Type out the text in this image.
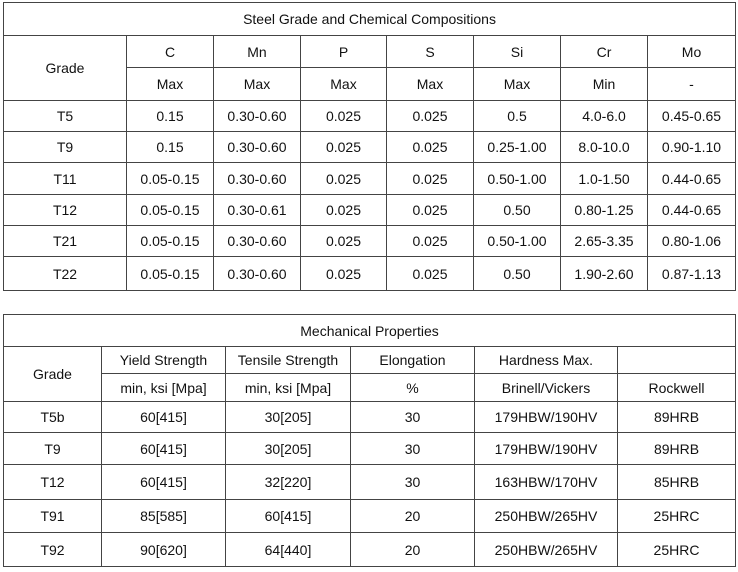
Steel Grade and Chemical Compositions							
Grade	C	Mn	P	S	Si	Cr	Mo
	Max	Max	Max	Max	Max	Min	-
T5	0.15	0.30-0.60	0.025	0.025	0.5	4.0-6.0	0.45-0.65
T9	0.15	0.30-0.60	0.025	0.025	0.25-1.00	8.0-10.0	0.90-1.10
T11	0.05-0.15	0.30-0.60	0.025	0.025	0.50-1.00	1.0-1.50	0.44-0.65
T12	0.05-0.15	0.30-0.61	0.025	0.025	0.50	0.80-1.25	0.44-0.65
T21	0.05-0.15	0.30-0.60	0.025	0.025	0.50-1.00	2.65-3.35	0.80-1.06
T22	0.05-0.15	0.30-0.60	0.025	0.025	0.50	1.90-2.60	0.87-1.13
Mechanical Properties					
Grade	Yield Strength	Tensile Strength	Elongation	Hardness Max.	
	min, ksi [Mpa]	min, ksi [Mpa]	%	Brinell/Vickers	Rockwell
T5b	60[415]	30[205]	30	179HBW/190HV	89HRB
T9	60[415]	30[205]	30	179HBW/190HV	89HRB
T12	60[415]	32[220]	30	163HBW/170HV	85HRB
T91	85[585]	60[415]	20	250HBW/265HV	25HRC
T92	90[620]	64[440]	20	250HBW/265HV	25HRC
